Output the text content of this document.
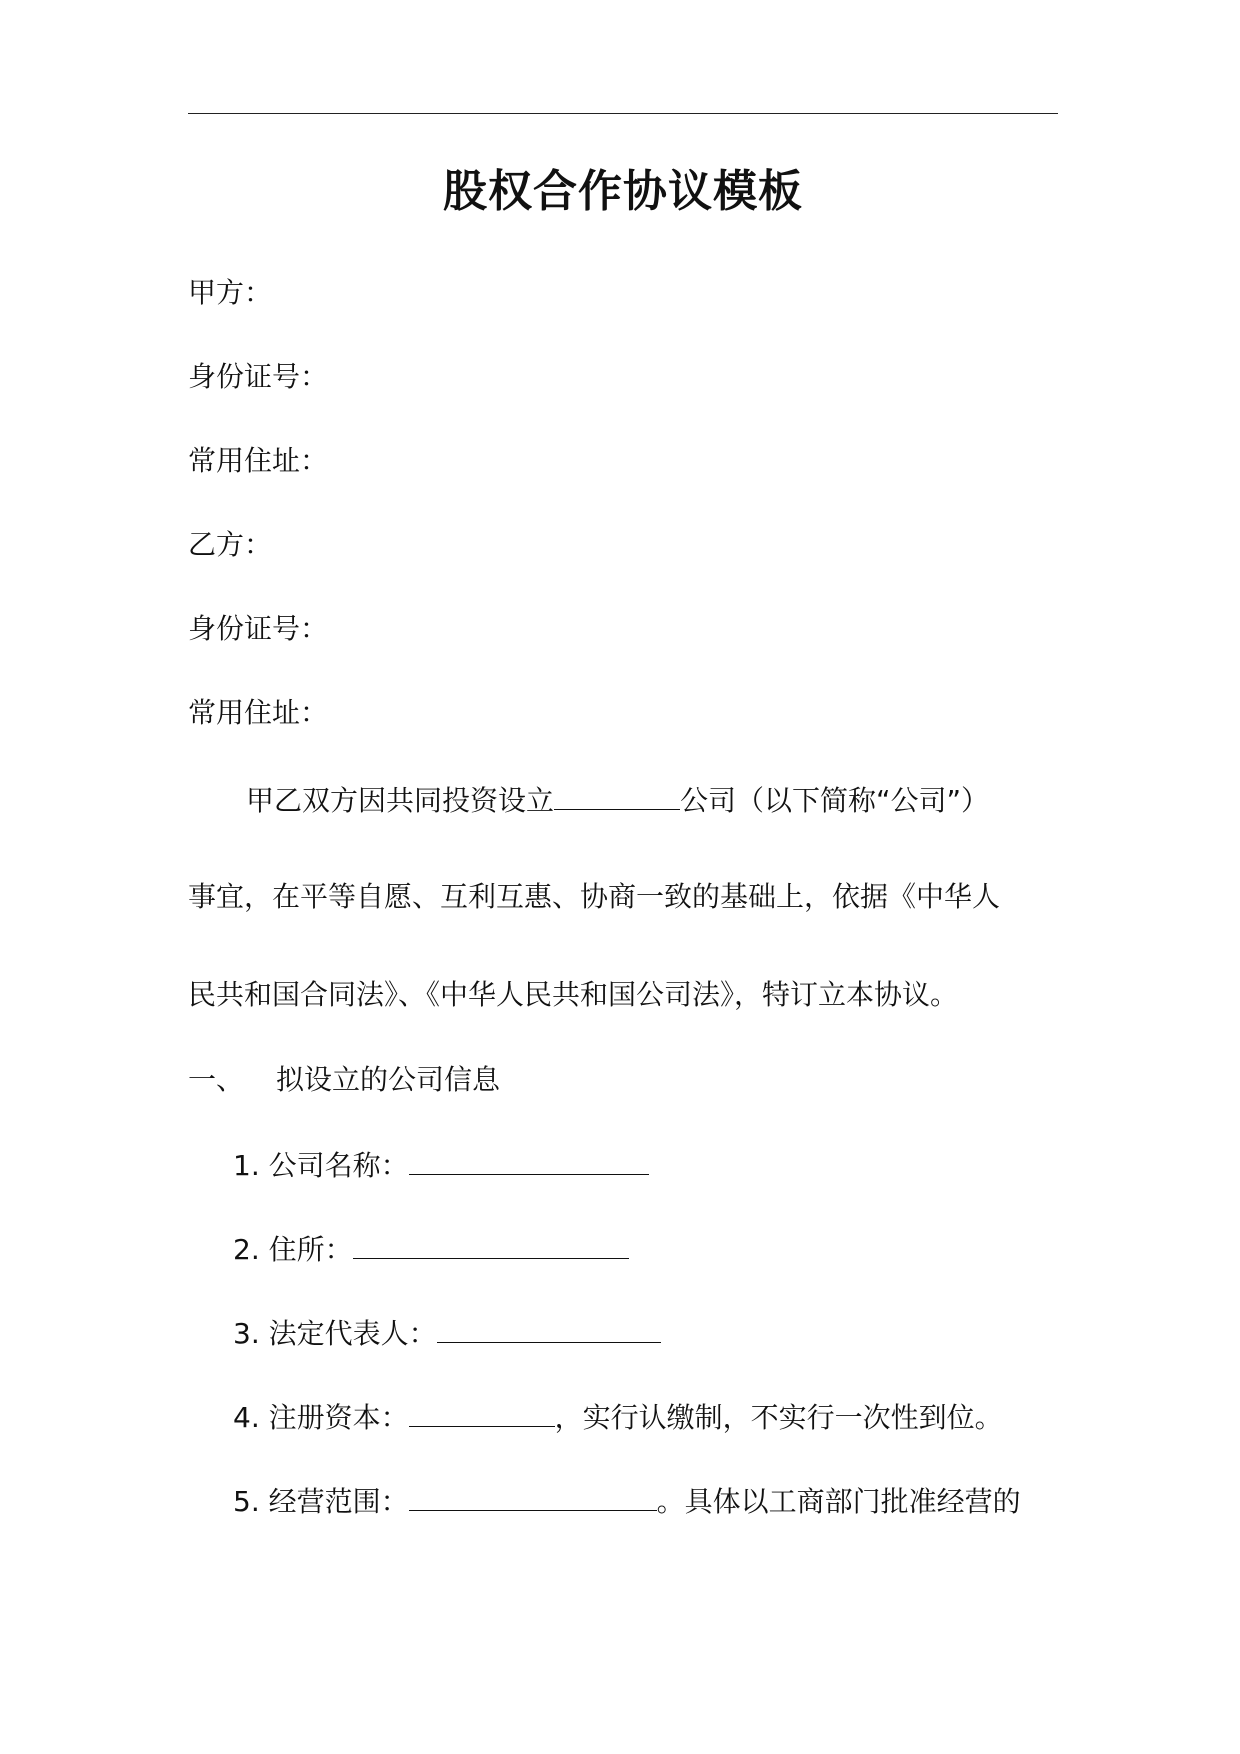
股权合作协议模板
甲方：
身份证号：
常用住址：
乙方：
身份证号：
常用住址：
甲乙双方因共同投资设立	公司（以下简称“公司”）
事宜，在平等自愿、互利互惠、协商一致的基础上，依据《中华人
民共和国合同法》、《中华人民共和国公司法》，特订立本协议。
一、 拟设立的公司信息
1. 公司名称：
2. 住所：
3. 法定代表人：
4. 注册资本：	，实行认缴制，不实行一次性到位。
5. 经营范围：	。具体以工商部门批准经营的
